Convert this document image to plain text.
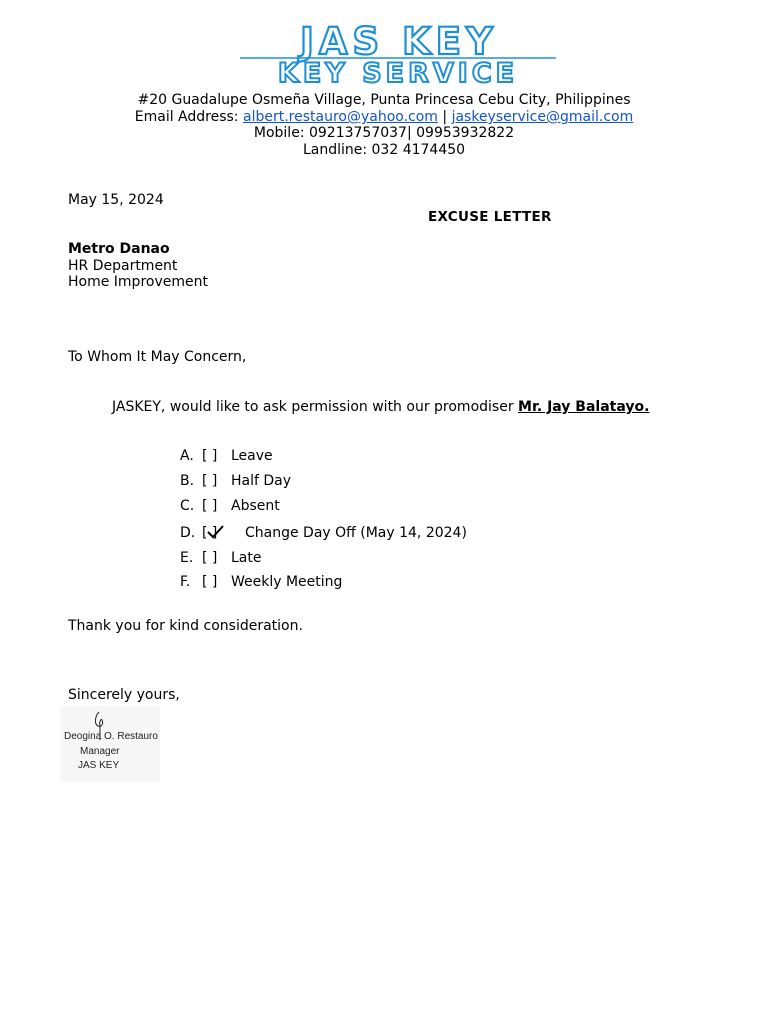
JAS KEY
KEY SERVICE
#20 Guadalupe Osmeña Village, Punta Princesa Cebu City, Philippines
Email Address: albert.restauro@yahoo.com | jaskeyservice@gmail.com
Mobile: 09213757037| 09953932822
Landline: 032 4174450
May 15, 2024
EXCUSE LETTER
Metro Danao
HR Department
Home Improvement
To Whom It May Concern,
JASKEY, would like to ask permission with our promodiser Mr. Jay Balatayo.
A. [ ] Leave
B. [ ] Half Day
C. [ ] Absent
D. [ ] Change Day Off (May 14, 2024)
E. [ ] Late
F. [ ] Weekly Meeting
Thank you for kind consideration.
Sincerely yours,
Deogina O. Restauro
Manager
JAS KEY
